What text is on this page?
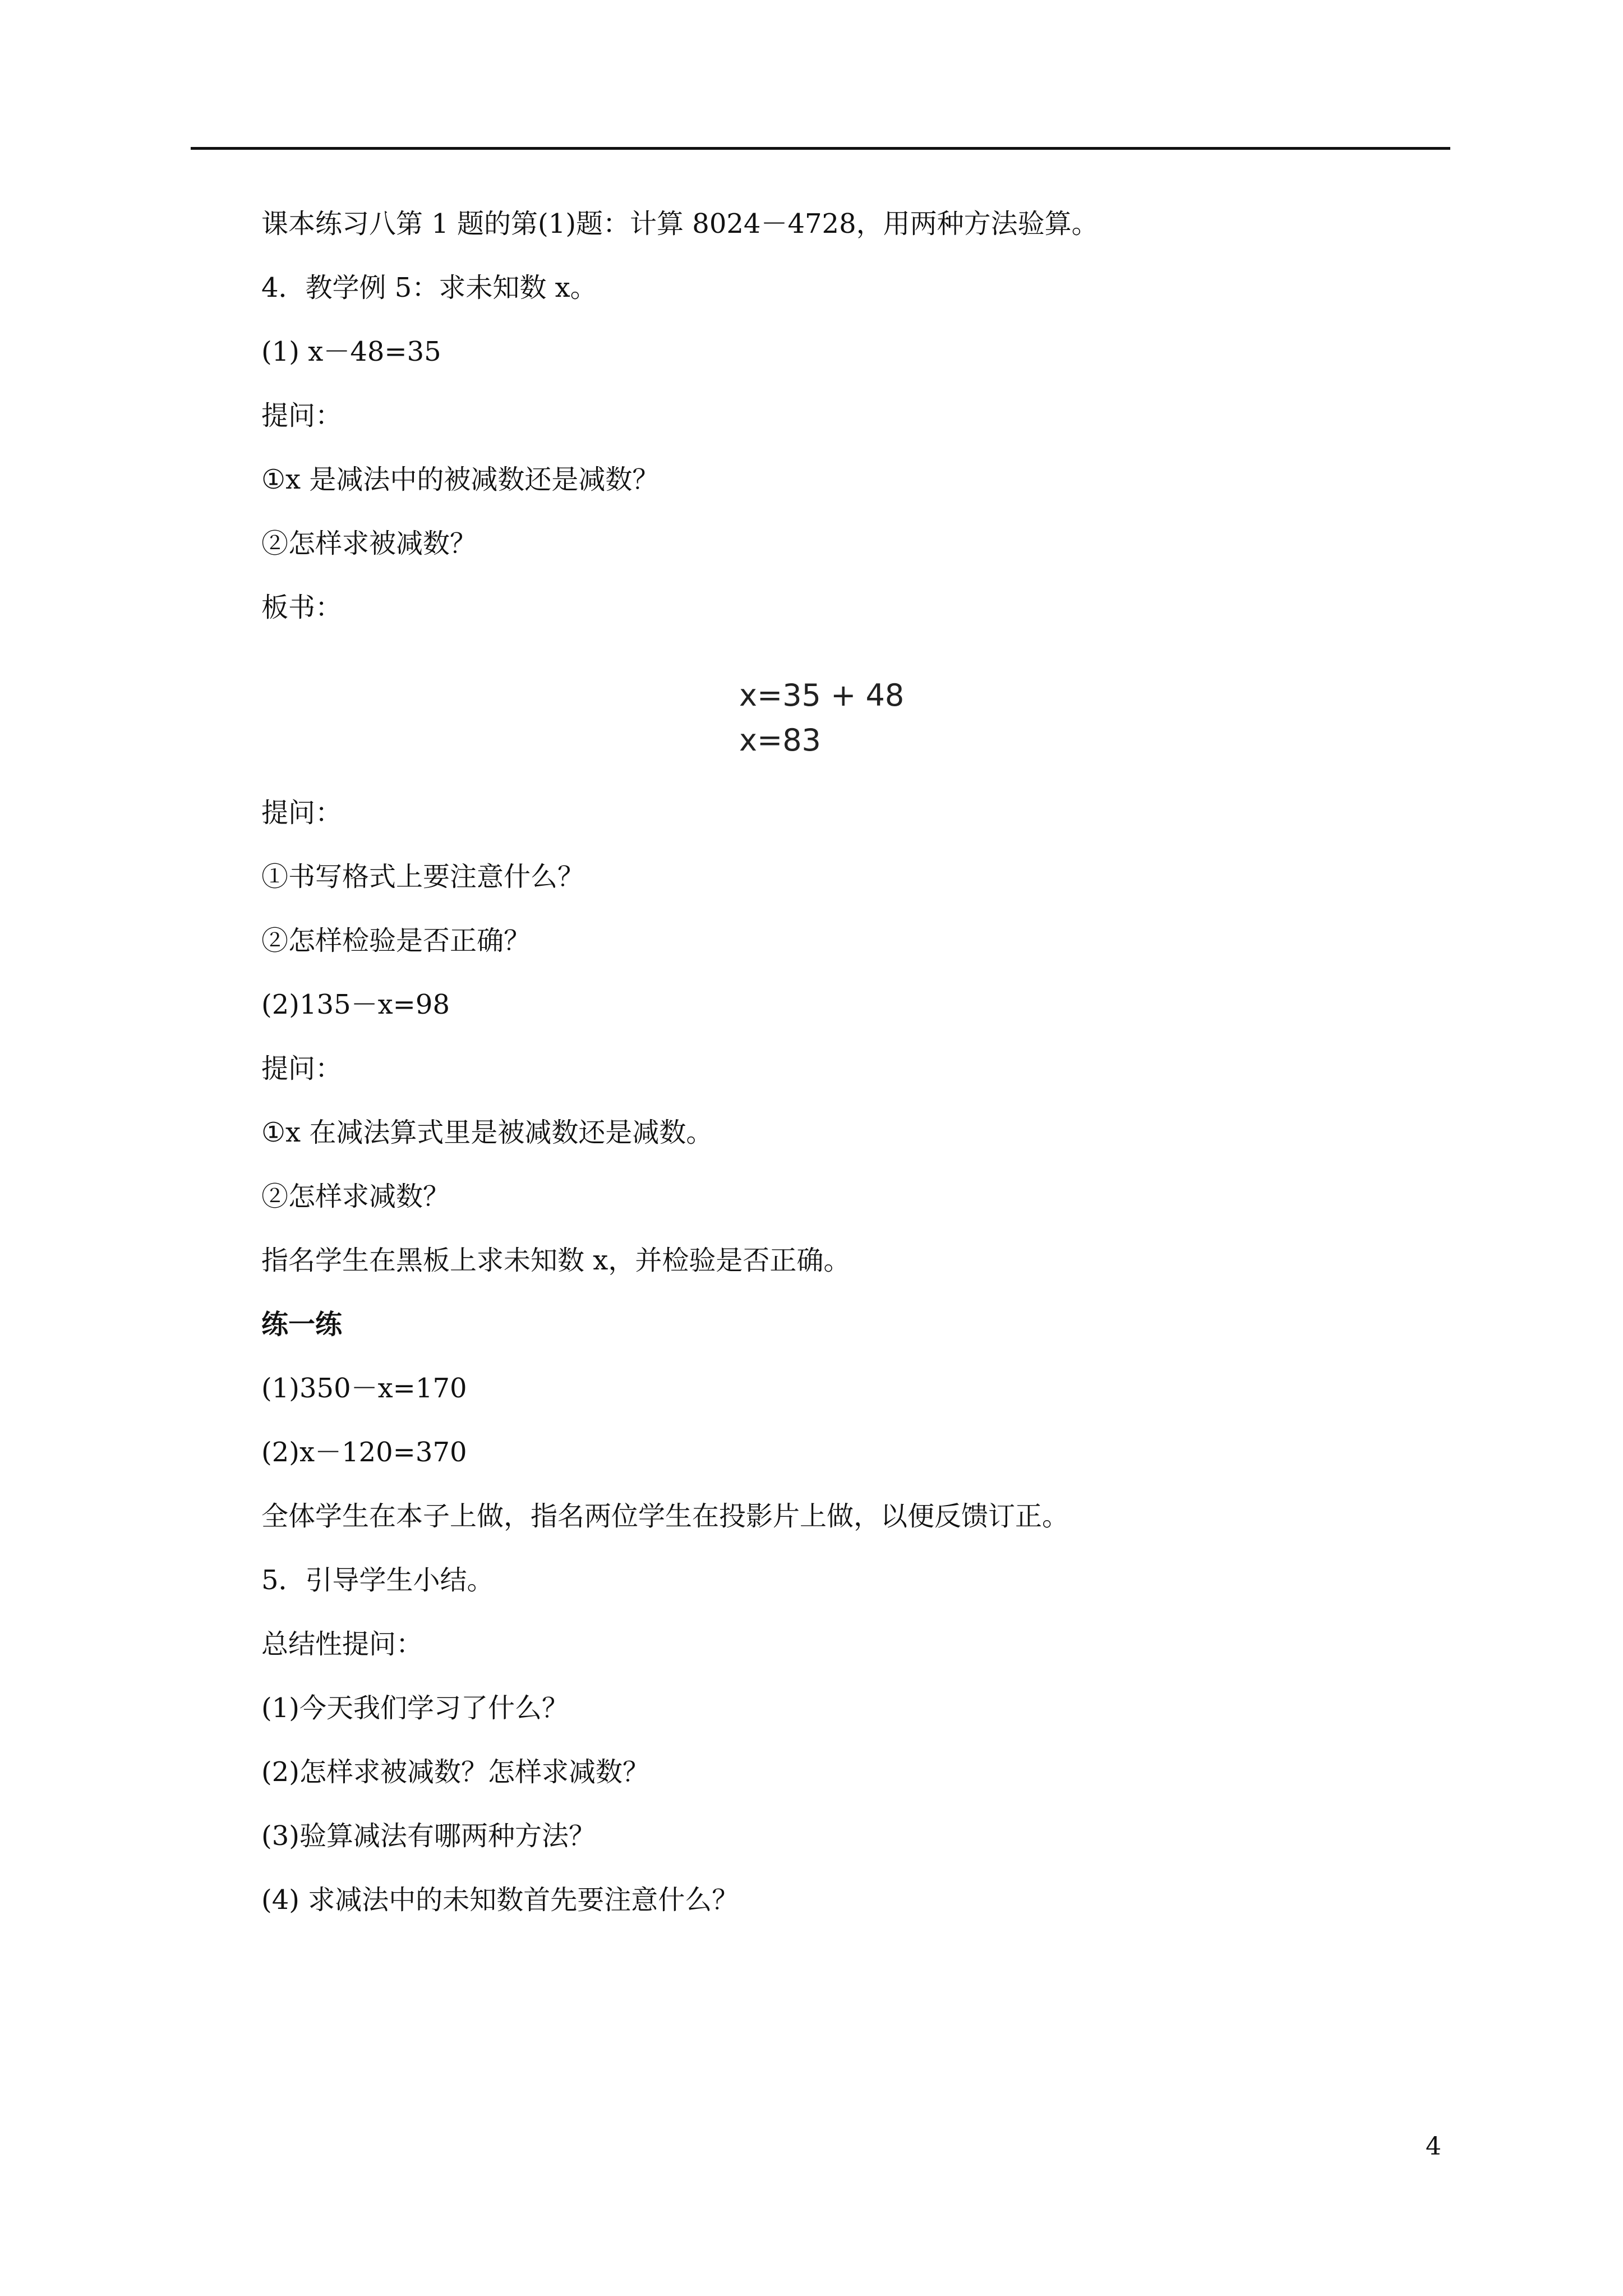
课本练习八第 1 题的第(1)题：计算 8024－4728，用两种方法验算。
4．教学例 5：求未知数 x。
(1) x－48=35
提问：
①x 是减法中的被减数还是减数？
②怎样求被减数？
板书：
x=35 + 48
x=83
提问：
①书写格式上要注意什么？
②怎样检验是否正确？
(2)135－x=98
提问：
①x 在减法算式里是被减数还是减数。
②怎样求减数？
指名学生在黑板上求未知数 x，并检验是否正确。
练一练
(1)350－x=170
(2)x－120=370
全体学生在本子上做，指名两位学生在投影片上做，以便反馈订正。
5．引导学生小结。
总结性提问：
(1)今天我们学习了什么？
(2)怎样求被减数？怎样求减数？
(3)验算减法有哪两种方法？
(4) 求减法中的未知数首先要注意什么？
4
